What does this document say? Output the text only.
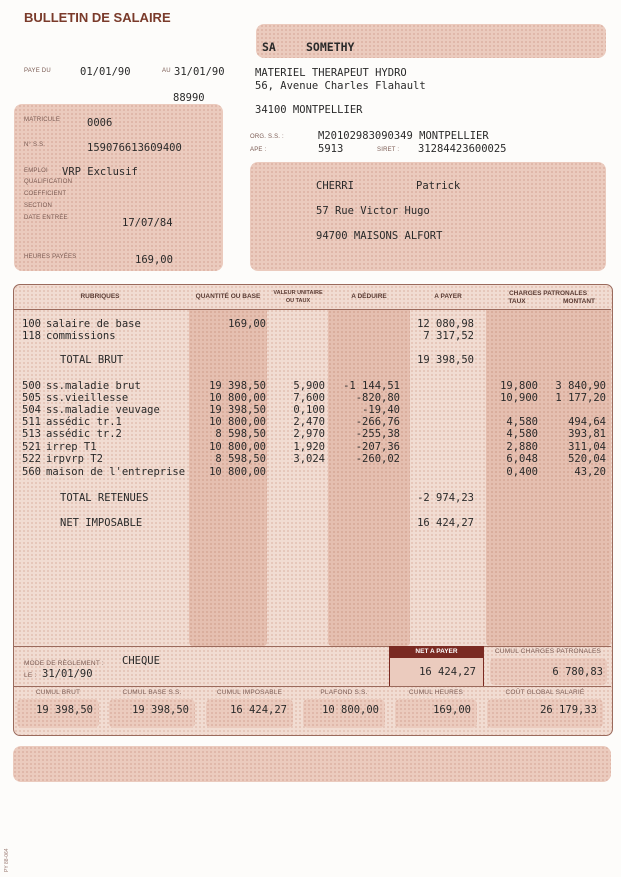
BULLETIN DE SALAIRE
PAYE DU	01/01/90	AU 31/01/90
88990
SA	SOMETHY
MATERIEL THERAPEUT HYDRO
56, Avenue Charles Flahault
34100 MONTPELLIER
ORG. S.S. :	M20102983090349 MONTPELLIER
APE :	5913	SIRET : 31284423600025
MATRICULE	0006
N° S.S.	159076613609400
EMPLOI VRP Exclusif
QUALIFICATION
COEFFICIENT
SECTION
DATE ENTRÉE	17/07/84
HEURES PAYÉES	169,00
CHERRI	Patrick
57 Rue Victor Hugo
94700 MAISONS ALFORT
RUBRIQUES	QUANTITÉ OU BASE	VALEUR UNITAIRE
OU TAUX
A DÉDUIRE	A PAYER	CHARGES PATRONALES
TAUX	MONTANT
100 salaire de base	169,00	12 080,98
118 commissions	7 317,52
TOTAL BRUT	19 398,50
500 ss.maladie brut	19 398,50	5,900	-1 144,51	19,800	3 840,90
505 ss.vieillesse	10 800,00	7,600	-820,80	10,900	1 177,20
504 ss.maladie veuvage	19 398,50	0,100	-19,40
511 assédic tr.1	10 800,00	2,470	-266,76	4,580	494,64
513 assédic tr.2	8 598,50	2,970	-255,38	4,580	393,81
521 irrep T1	10 800,00	1,920	-207,36	2,880	311,04
522 irpvrp T2	8 598,50	3,024	-260,02	6,048	520,04
560 maison de l'entreprise	10 800,00	0,400	43,20
TOTAL RETENUES	-2 974,23
NET IMPOSABLE	16 424,27
MODE DE RÈGLEMENT : CHEQUE
LE : 31/01/90
NET A PAYER
16 424,27
CUMUL CHARGES PATRONALES
6 780,83
CUMUL BRUT
19 398,50
CUMUL BASE S.S.
19 398,50
CUMUL IMPOSABLE
16 424,27
PLAFOND S.S.
10 800,00
CUMUL HEURES
169,00
COÛT GLOBAL SALARIÉ
26 179,33
PY 88-064
